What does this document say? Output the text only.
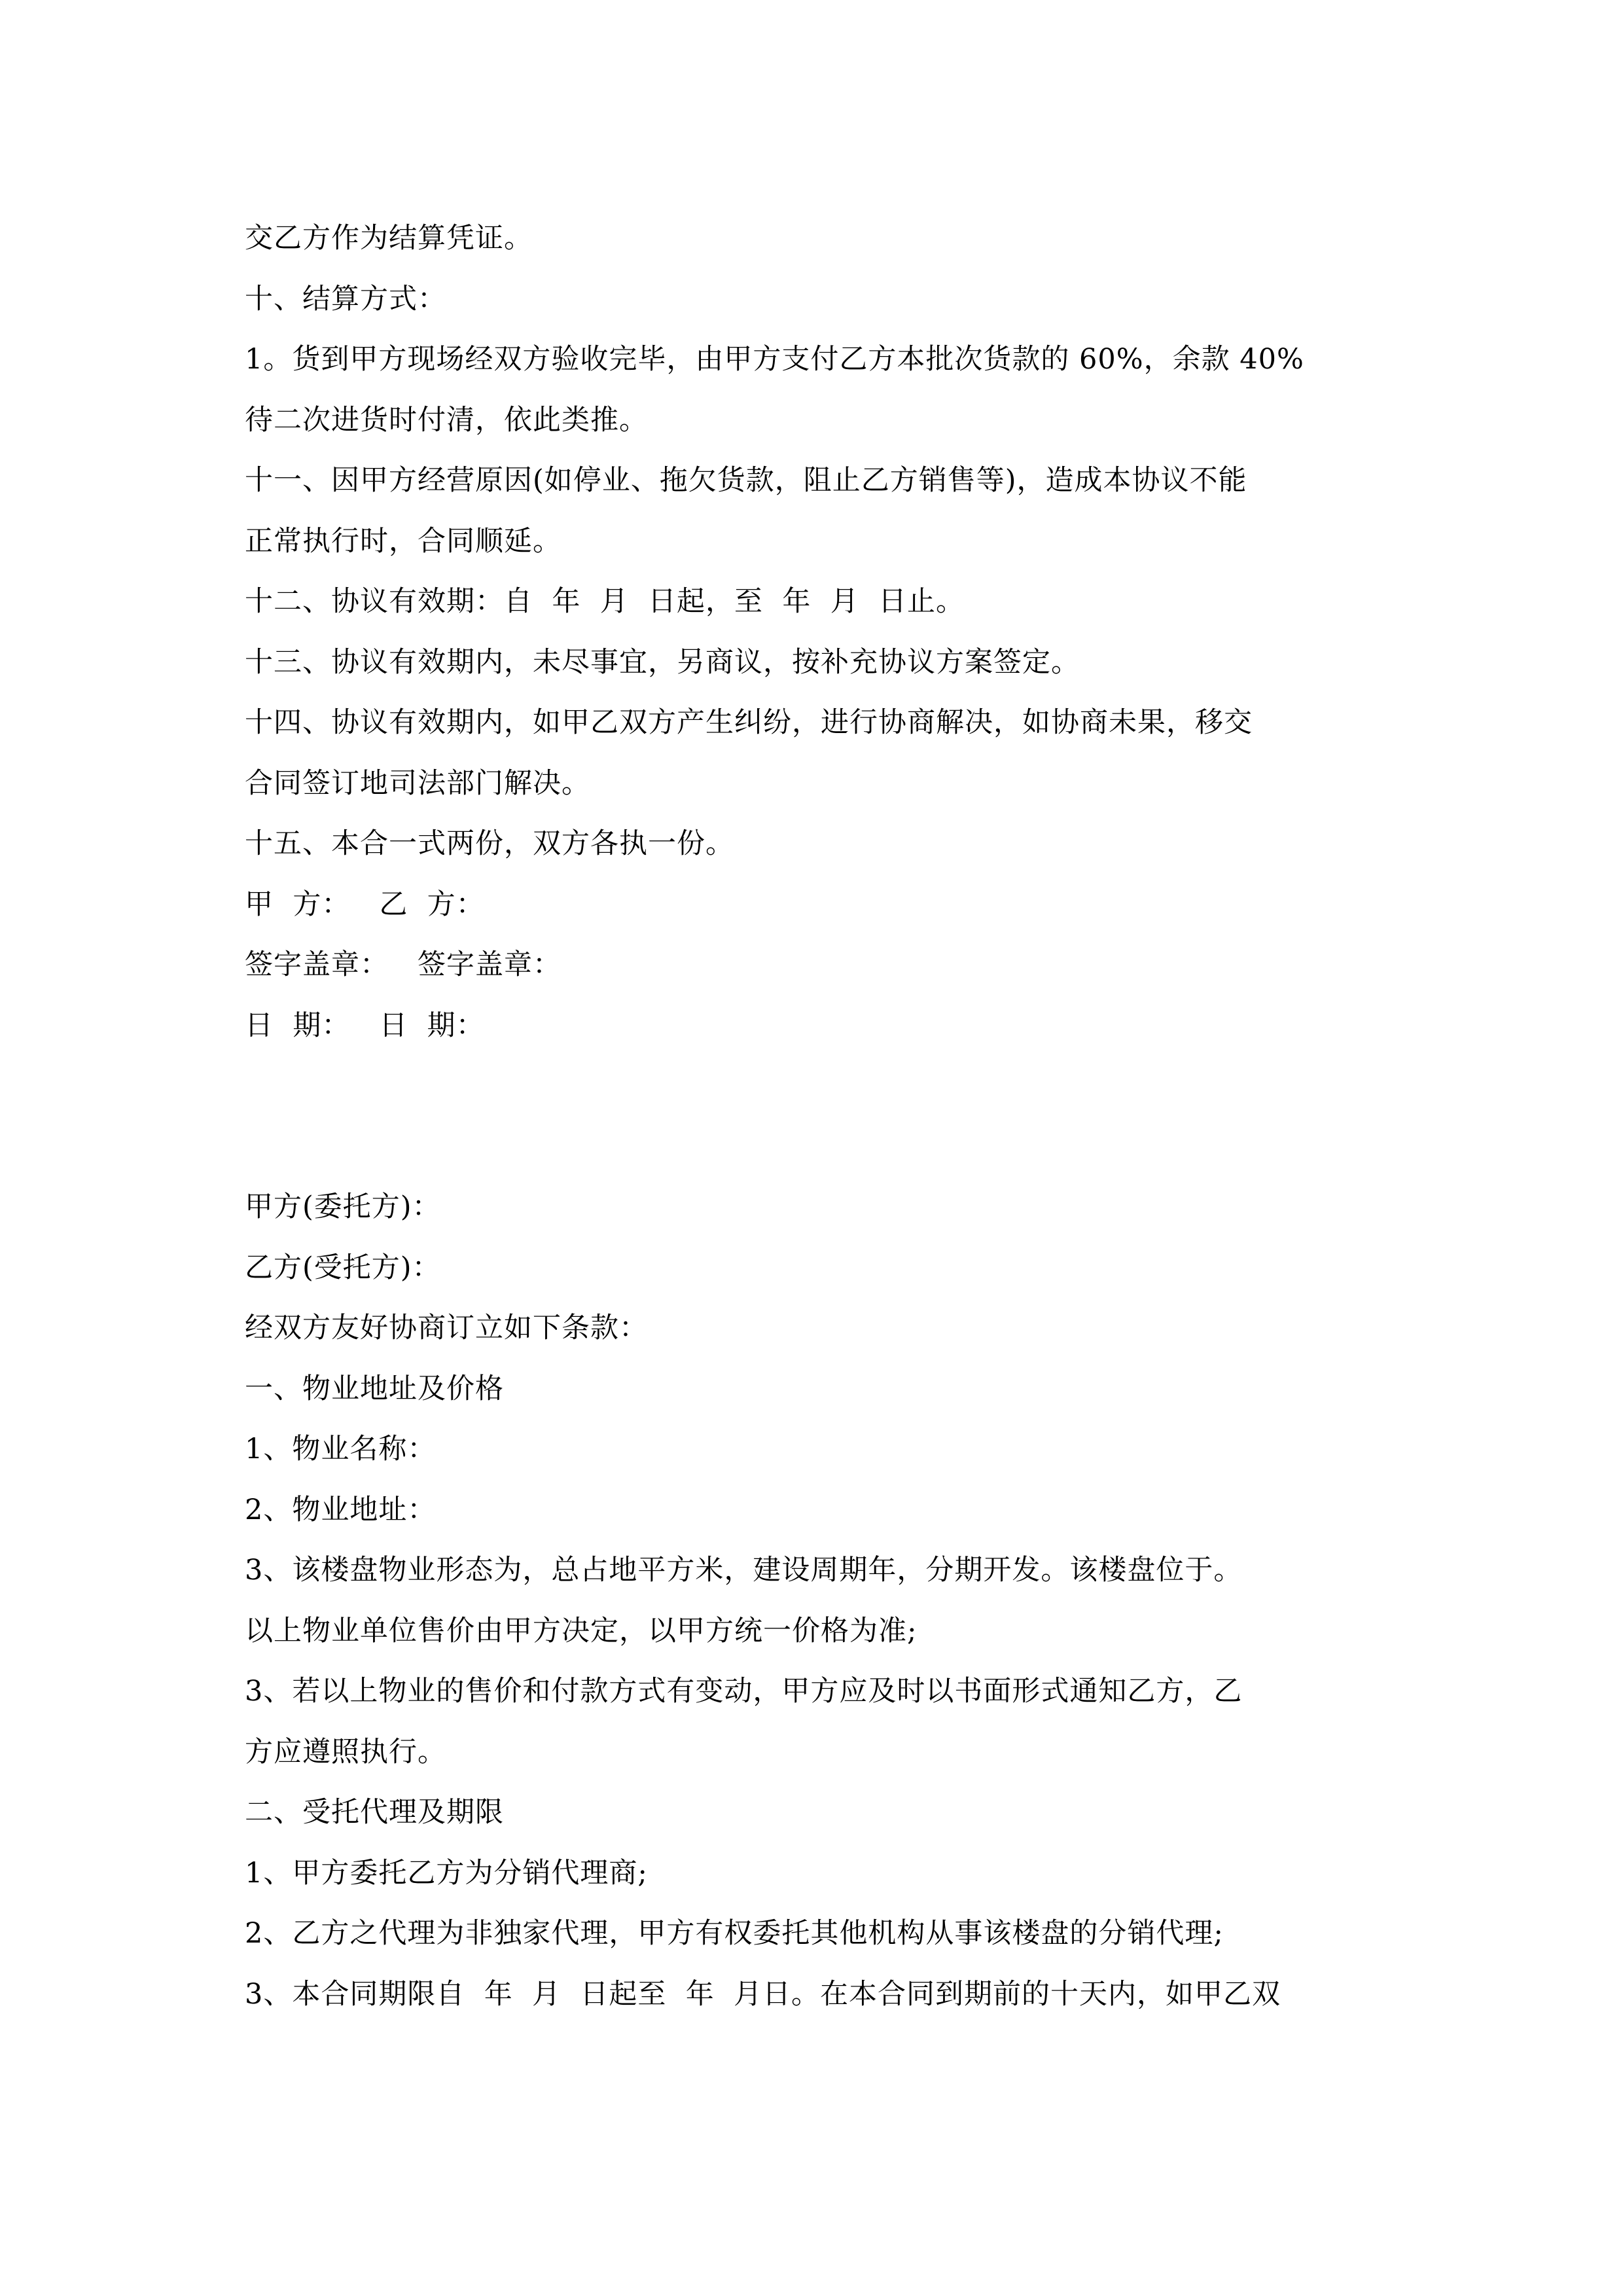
交乙方作为结算凭证。
十、结算方式：
1。货到甲方现场经双方验收完毕，由甲方支付乙方本批次货款的 60%，余款 40%
待二次进货时付清，依此类推。
十一、因甲方经营原因(如停业、拖欠货款，阻止乙方销售等)，造成本协议不能
正常执行时，合同顺延。
十二、协议有效期：自  年  月  日起，至  年  月  日止。
十三、协议有效期内，未尽事宜，另商议，按补充协议方案签定。
十四、协议有效期内，如甲乙双方产生纠纷，进行协商解决，如协商未果，移交
合同签订地司法部门解决。
十五、本合一式两份，双方各执一份。
甲  方：   乙  方：
签字盖章：   签字盖章：
日  期：   日  期：
甲方(委托方)：
乙方(受托方)：
经双方友好协商订立如下条款：
一、物业地址及价格
1、物业名称：
2、物业地址：
3、该楼盘物业形态为，总占地平方米，建设周期年，分期开发。该楼盘位于。
以上物业单位售价由甲方决定，以甲方统一价格为准;
3、若以上物业的售价和付款方式有变动，甲方应及时以书面形式通知乙方，乙
方应遵照执行。
二、受托代理及期限
1、甲方委托乙方为分销代理商;
2、乙方之代理为非独家代理，甲方有权委托其他机构从事该楼盘的分销代理;
3、本合同期限自  年  月  日起至  年  月日。在本合同到期前的十天内，如甲乙双
